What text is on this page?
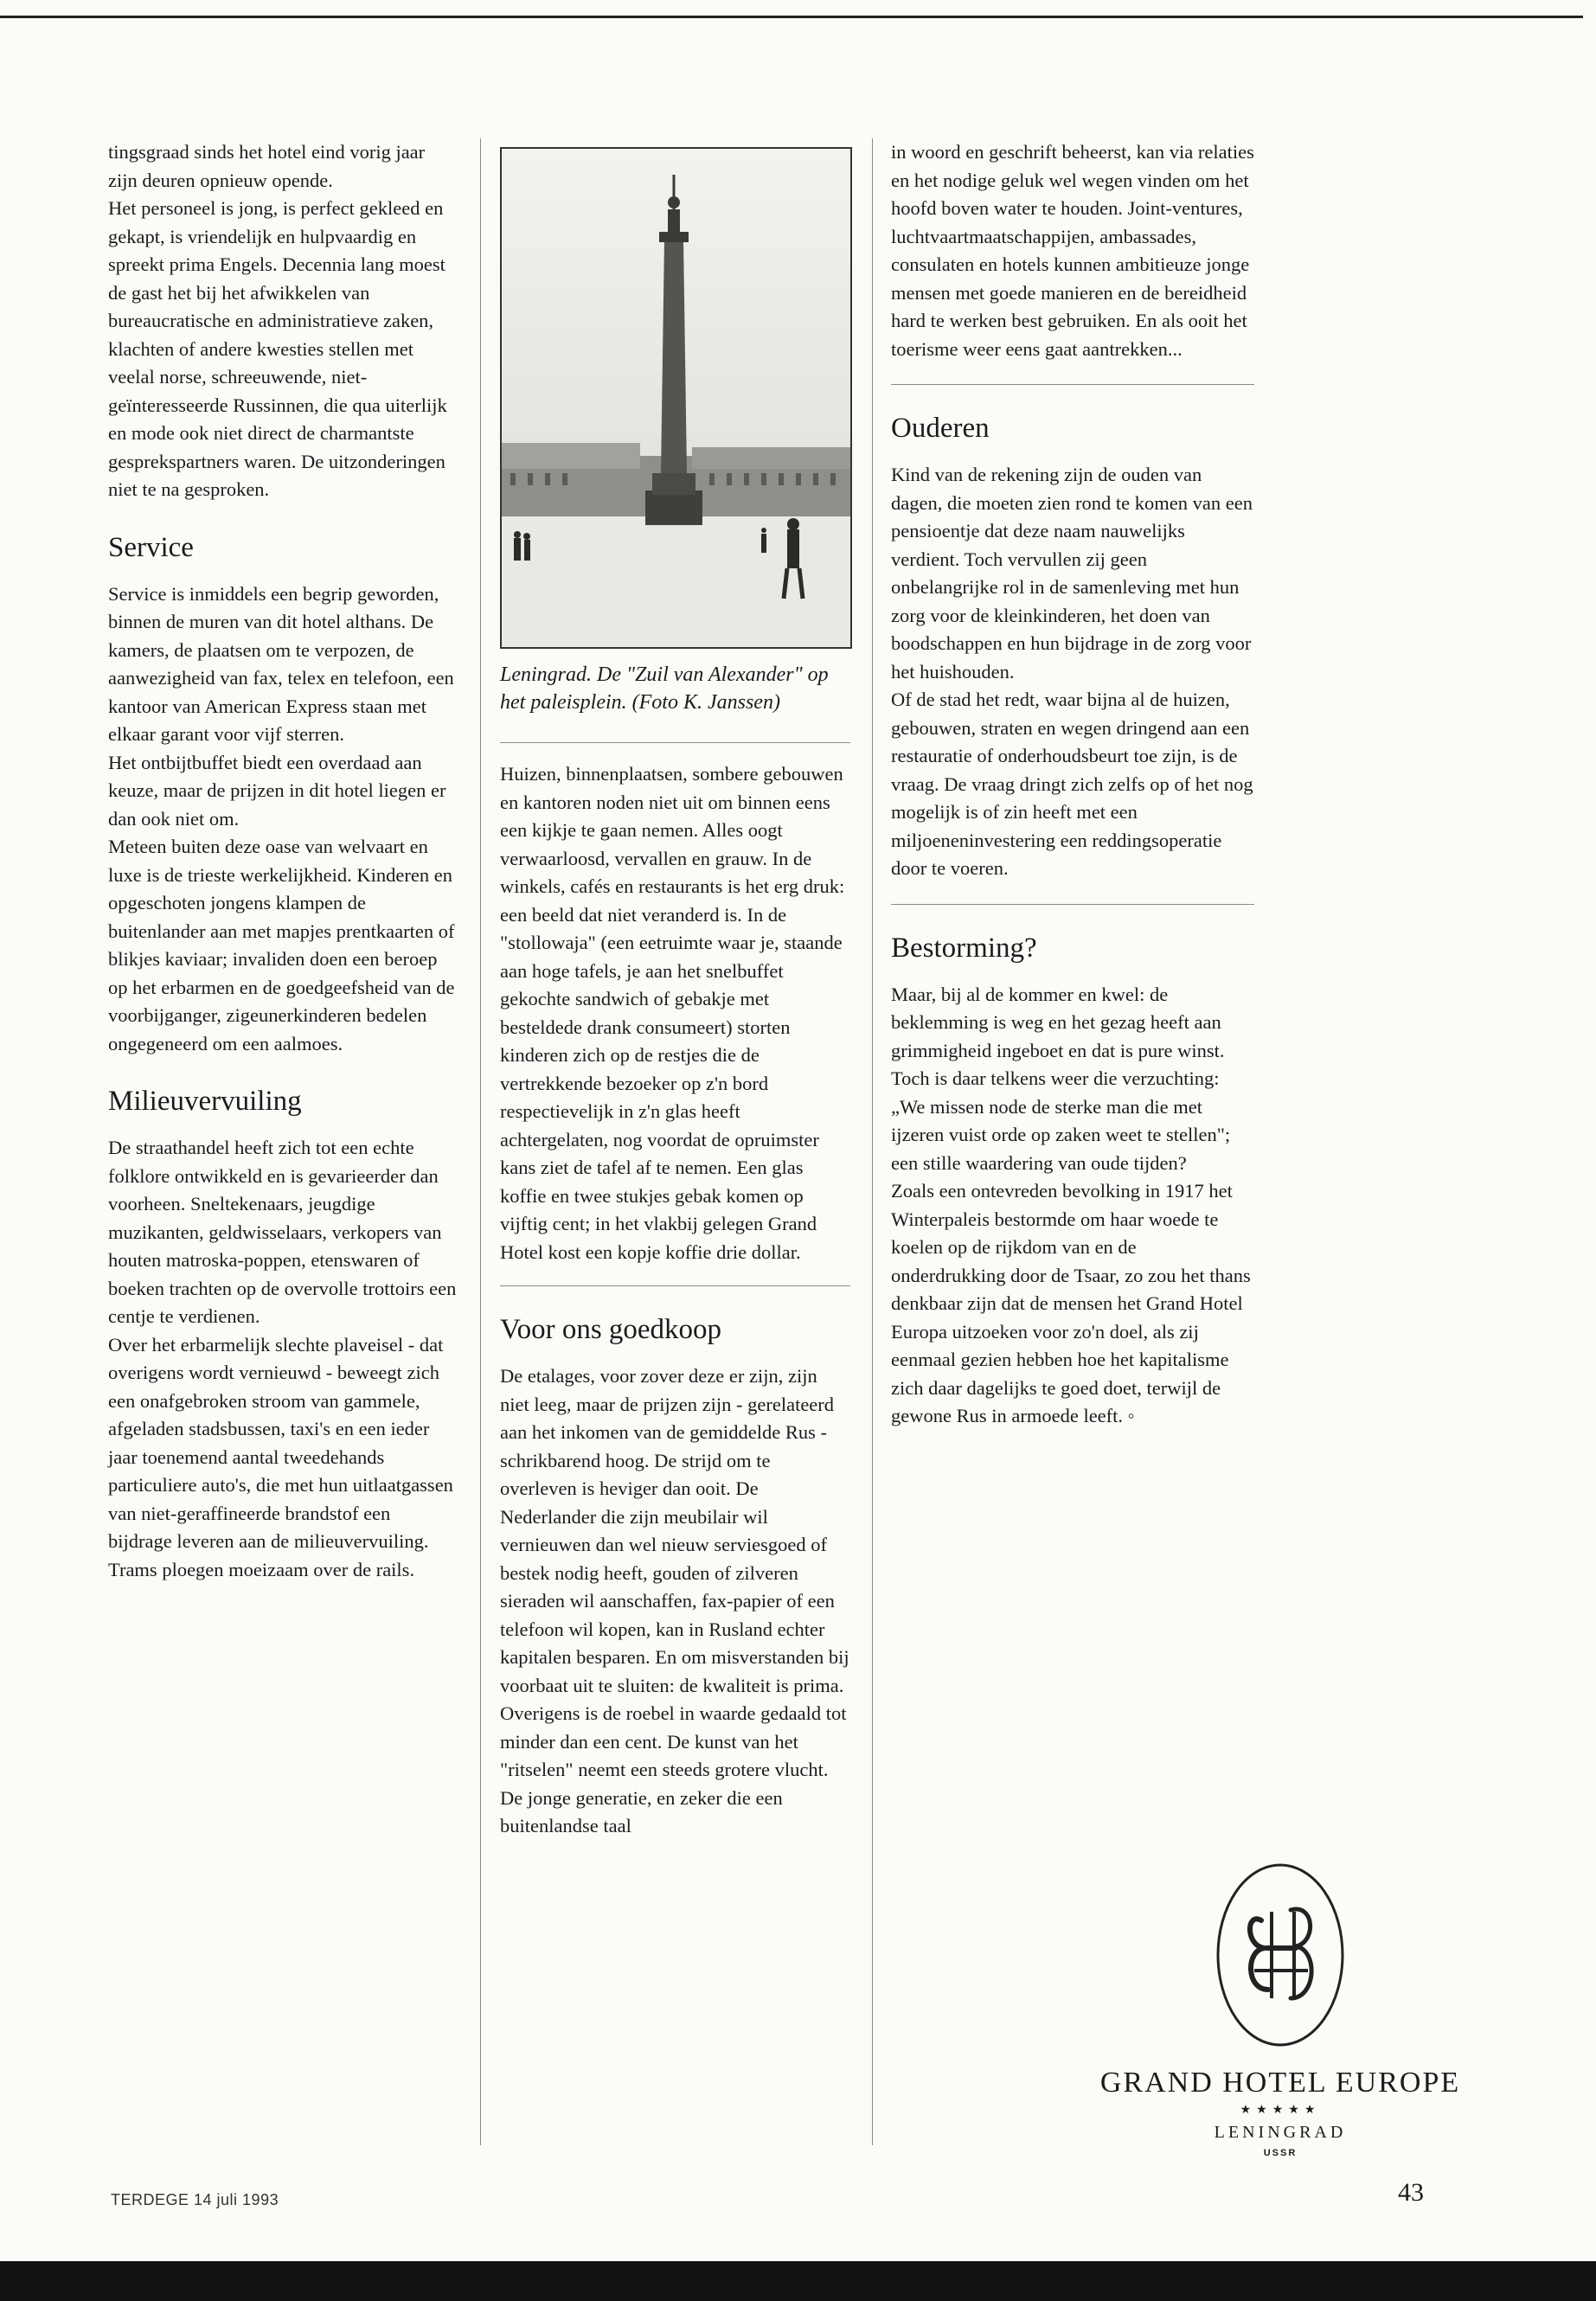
tingsgraad sinds het hotel eind vorig jaar zijn deuren opnieuw opende.

Het personeel is jong, is perfect gekleed en gekapt, is vriendelijk en hulpvaardig en spreekt prima Engels. Decennia lang moest de gast het bij het afwikkelen van bureaucratische en administratieve zaken, klachten of andere kwesties stellen met veelal norse, schreeuwende, niet-geïnteresseerde Russinnen, die qua uiterlijk en mode ook niet direct de charmantste gesprekspartners waren. De uitzonderingen niet te na gesproken.

Service

Service is inmiddels een begrip geworden, binnen de muren van dit hotel althans. De kamers, de plaatsen om te verpozen, de aanwezigheid van fax, telex en telefoon, een kantoor van American Express staan met elkaar garant voor vijf sterren.

Het ontbijtbuffet biedt een overdaad aan keuze, maar de prijzen in dit hotel liegen er dan ook niet om.

Meteen buiten deze oase van welvaart en luxe is de trieste werkelijkheid. Kinderen en opgeschoten jongens klampen de buitenlander aan met mapjes prentkaarten of blikjes kaviaar; invaliden doen een beroep op het erbarmen en de goedgeefsheid van de voorbijganger, zigeunerkinderen bedelen ongegeneerd om een aalmoes.

Milieuvervuiling

De straathandel heeft zich tot een echte folklore ontwikkeld en is gevarieerder dan voorheen. Sneltekenaars, jeugdige muzikanten, geldwisselaars, verkopers van houten matroska-poppen, etenswaren of boeken trachten op de overvolle trottoirs een centje te verdienen.

Over het erbarmelijk slechte plaveisel - dat overigens wordt vernieuwd - beweegt zich een onafgebroken stroom van gammele, afgeladen stadsbussen, taxi's en een ieder jaar toenemend aantal tweedehands particuliere auto's, die met hun uitlaatgassen van niet-geraffineerde brandstof een bijdrage leveren aan de milieuvervuiling. Trams ploegen moeizaam over de rails.

Leningrad. De "Zuil van Alexander" op het paleisplein. (Foto K. Janssen)

Huizen, binnenplaatsen, sombere gebouwen en kantoren noden niet uit om binnen eens een kijkje te gaan nemen. Alles oogt verwaarloosd, vervallen en grauw. In de winkels, cafés en restaurants is het erg druk: een beeld dat niet veranderd is. In de "stollowaja" (een eetruimte waar je, staande aan hoge tafels, je aan het snelbuffet gekochte sandwich of gebakje met besteldede drank consumeert) storten kinderen zich op de restjes die de vertrekkende bezoeker op z'n bord respectievelijk in z'n glas heeft achtergelaten, nog voordat de opruimster kans ziet de tafel af te nemen. Een glas koffie en twee stukjes gebak komen op vijftig cent; in het vlakbij gelegen Grand Hotel kost een kopje koffie drie dollar.

Voor ons goedkoop

De etalages, voor zover deze er zijn, zijn niet leeg, maar de prijzen zijn - gerelateerd aan het inkomen van de gemiddelde Rus - schrikbarend hoog. De strijd om te overleven is heviger dan ooit. De Nederlander die zijn meubilair wil vernieuwen dan wel nieuw serviesgoed of bestek nodig heeft, gouden of zilveren sieraden wil aanschaffen, fax-papier of een telefoon wil kopen, kan in Rusland echter kapitalen besparen. En om misverstanden bij voorbaat uit te sluiten: de kwaliteit is prima. Overigens is de roebel in waarde gedaald tot minder dan een cent. De kunst van het "ritselen" neemt een steeds grotere vlucht. De jonge generatie, en zeker die een buitenlandse taal

in woord en geschrift beheerst, kan via relaties en het nodige geluk wel wegen vinden om het hoofd boven water te houden. Joint-ventures, luchtvaartmaatschappijen, ambassades, consulaten en hotels kunnen ambitieuze jonge mensen met goede manieren en de bereidheid hard te werken best gebruiken. En als ooit het toerisme weer eens gaat aantrekken...

Ouderen

Kind van de rekening zijn de ouden van dagen, die moeten zien rond te komen van een pensioentje dat deze naam nauwelijks verdient. Toch vervullen zij geen onbelangrijke rol in de samenleving met hun zorg voor de kleinkinderen, het doen van boodschappen en hun bijdrage in de zorg voor het huishouden.

Of de stad het redt, waar bijna al de huizen, gebouwen, straten en wegen dringend aan een restauratie of onderhoudsbeurt toe zijn, is de vraag. De vraag dringt zich zelfs op of het nog mogelijk is of zin heeft met een miljoeneninvestering een reddingsoperatie door te voeren.

Bestorming?

Maar, bij al de kommer en kwel: de beklemming is weg en het gezag heeft aan grimmigheid ingeboet en dat is pure winst. Toch is daar telkens weer die verzuchting: „We missen node de sterke man die met ijzeren vuist orde op zaken weet te stellen"; een stille waardering van oude tijden?

Zoals een ontevreden bevolking in 1917 het Winterpaleis bestormde om haar woede te koelen op de rijkdom van en de onderdrukking door de Tsaar, zo zou het thans denkbaar zijn dat de mensen het Grand Hotel Europa uitzoeken voor zo'n doel, als zij eenmaal gezien hebben hoe het kapitalisme zich daar dagelijks te goed doet, terwijl de gewone Rus in armoede leeft. ◦

GRAND HOTEL EUROPE
★★★★★
LENINGRAD
USSR
TERDEGE 14 juli 1993	43
